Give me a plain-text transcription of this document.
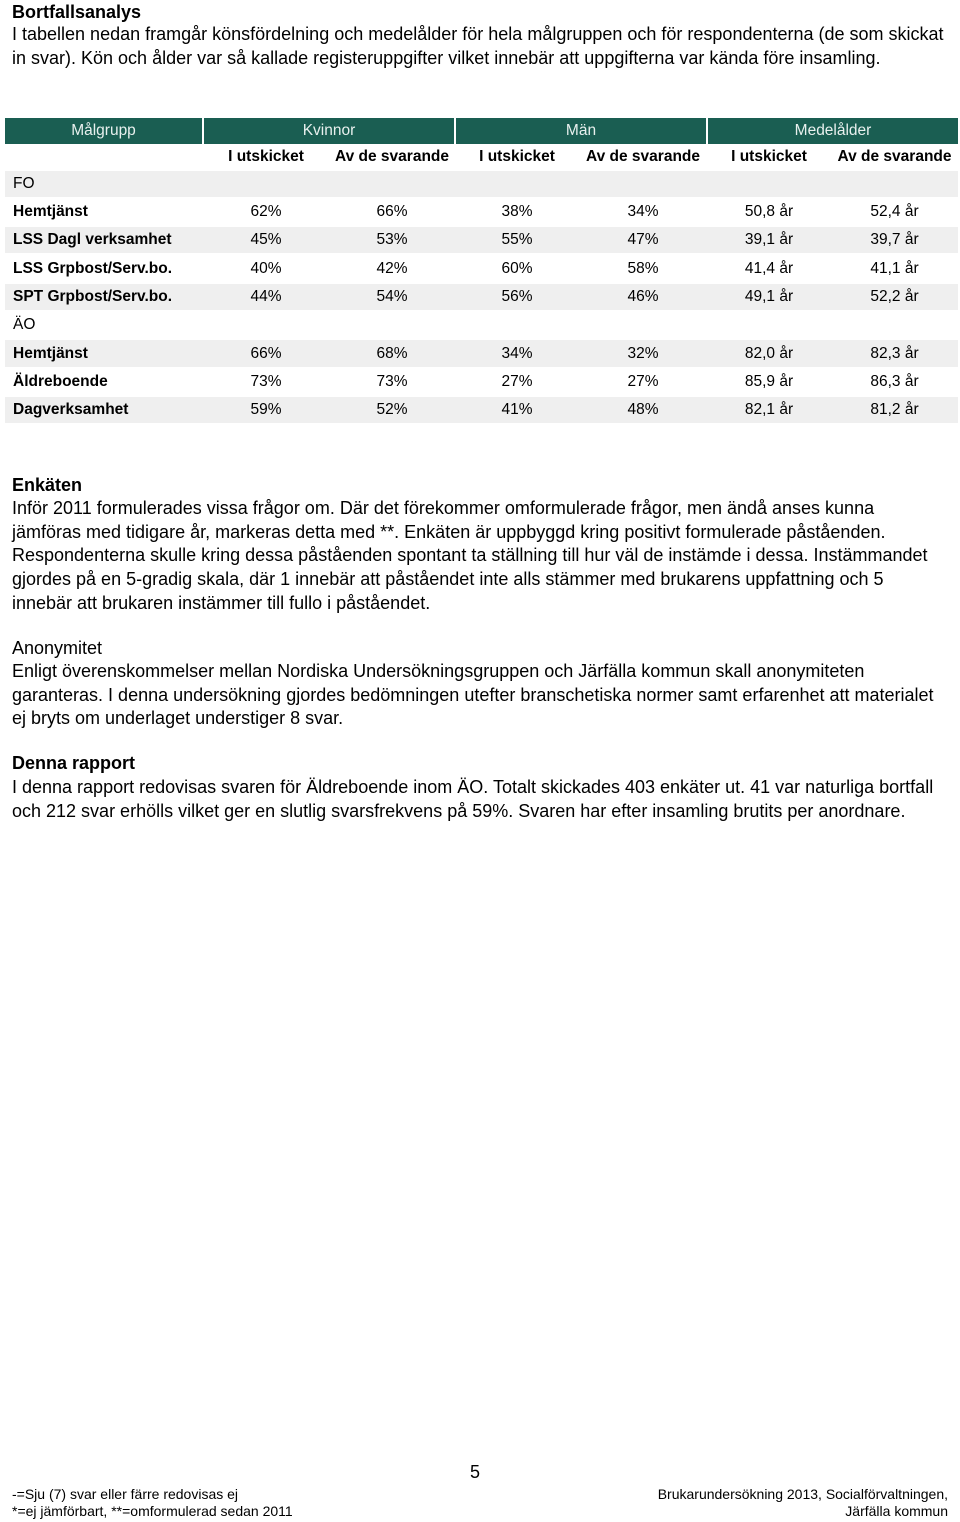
Bortfallsanalys

I tabellen nedan framgår könsfördelning och medelålder för hela målgruppen och för respondenterna (de som skickat in svar). Kön och ålder var så kallade registeruppgifter vilket innebär att uppgifterna var kända före insamling.

Målgrupp	Kvinnor		Män		Medelålder	
	I utskicket	Av de svarande	I utskicket	Av de svarande	I utskicket	Av de svarande
FO						
Hemtjänst	62%	66%	38%	34%	50,8 år	52,4 år
LSS Dagl verksamhet	45%	53%	55%	47%	39,1 år	39,7 år
LSS Grpbost/Serv.bo.	40%	42%	60%	58%	41,4 år	41,1 år
SPT Grpbost/Serv.bo.	44%	54%	56%	46%	49,1 år	52,2 år
ÄO						
Hemtjänst	66%	68%	34%	32%	82,0 år	82,3 år
Äldreboende	73%	73%	27%	27%	85,9 år	86,3 år
Dagverksamhet	59%	52%	41%	48%	82,1 år	81,2 år
Enkäten

Inför 2011 formulerades vissa frågor om. Där det förekommer omformulerade frågor, men ändå anses kunna jämföras med tidigare år, markeras detta med **. Enkäten är uppbyggd kring positivt formulerade påståenden. Respondenterna skulle kring dessa påståenden spontant ta ställning till hur väl de instämde i dessa. Instämmandet gjordes på en 5-gradig skala, där 1 innebär att påståendet inte alls stämmer med brukarens uppfattning och 5 innebär att brukaren instämmer till fullo i påståendet.

Anonymitet

Enligt överenskommelser mellan Nordiska Undersökningsgruppen och Järfälla kommun skall anonymiteten garanteras. I denna undersökning gjordes bedömningen utefter branschetiska normer samt erfarenhet att materialet ej bryts om underlaget understiger 8 svar.

Denna rapport

I denna rapport redovisas svaren för Äldreboende inom ÄO. Totalt skickades 403 enkäter ut. 41 var naturliga bortfall och 212 svar erhölls vilket ger en slutlig svarsfrekvens på 59%. Svaren har efter insamling brutits per anordnare.

5
-=Sju (7) svar eller färre redovisas ej
*=ej jämförbart, **=omformulerad sedan 2011
Brukarundersökning 2013, Socialförvaltningen,
Järfälla kommun
